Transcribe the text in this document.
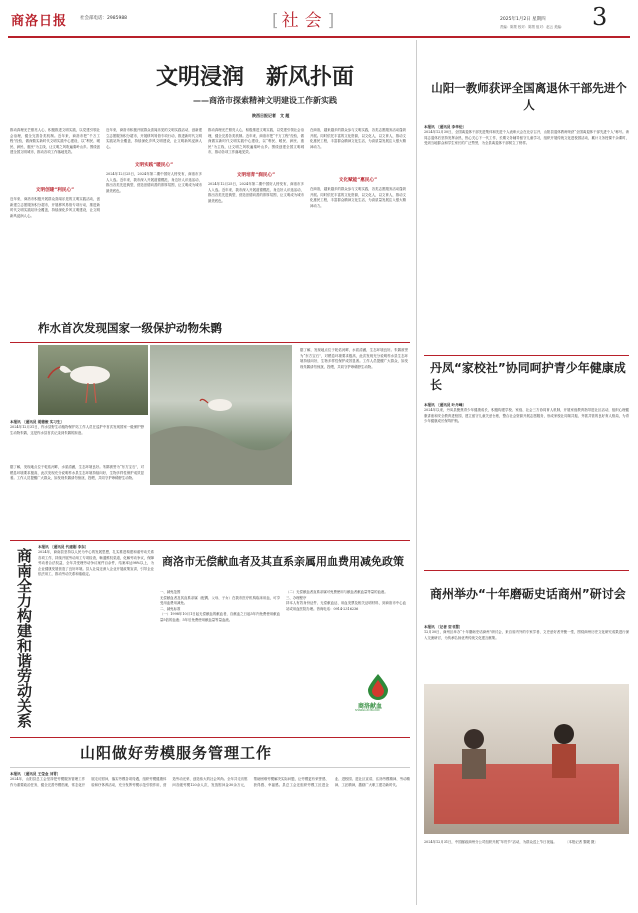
商洛日报	社会部电话：2985988	[社会]	2025年1月2日 星期四
责编：陈景 校对：陈景 组对：赵云 美编： 3
文明浸润　新风扑面
——商洛市探索精神文明建设工作新实践
陕西日报记者　文 超
推动真理光芒照亮人心，积极推进文明实践，以党建引领社会治理，健全完善各类机制。近年来，商洛市把“千万工程”经验，做深做实新时代文明实践中心建设，以“利民、暖民、润民、惠民”为主线，让文明之风吹遍秦岭山乡。围绕创建全国文明城市，推动各项工作落地见效。
文明创建“利民心”
近年来，商洛市积极开展群众喜闻乐见的文明实践活动，创新建立志愿服务积分超市，开展移风易俗专项行动，推进新时代文明实践站所全覆盖，持续深化乡风文明建设，让文明新风浸润人心。
近年来，商洛市积极开展群众喜闻乐见的文明实践活动，创新建立志愿服务积分超市，开展移风易俗专项行动，推进新时代文明实践站所全覆盖，持续深化乡风文明建设，让文明新风浸润人心。
文明实践“暖民心”
2024年12月25日，2024年第二期中国好人榜发布，商洛市多人入选。近年来，我市深入开展道德模范、身边好人评选活动，推出各类先进典型，营造崇德向善的浓厚氛围，让文明成为城市最美底色。
推动真理光芒照亮人心，积极推进文明实践，以党建引领社会治理，健全完善各类机制。近年来，商洛市把“千万工程”经验，做深做实新时代文明实践中心建设，以“利民、暖民、润民、惠民”为主线，让文明之风吹遍秦岭山乡。围绕创建全国文明城市，推动各项工作落地见效。
文明培育“润民心”
2024年12月25日，2024年第二期中国好人榜发布，商洛市多人入选。近年来，我市深入开展道德模范、身边好人评选活动，推出各类先进典型，营造崇德向善的浓厚氛围，让文明成为城市最美底色。
在商洛，越来越多的群众参与文明实践，各类志愿服务活动蓬勃开展。同时依托丰富的文化资源，以文化人，以文育人，推动文化惠民工程，丰富群众精神文化生活，为高质量发展注入强大精神动力。
文化赋能“惠民心”
在商洛，越来越多的群众参与文明实践，各类志愿服务活动蓬勃开展。同时依托丰富的文化资源，以文化人，以文育人，推动文化惠民工程，丰富群众精神文化生活，为高质量发展注入强大精神动力。
柞水首次发现国家一级保护动物朱鹮
本报讯 〔通讯员 胡德俊 实习生〕
2024年12月31日，柞水县野生动植物保护站工作人员在巡护中首次发现国家一级保护野生动物朱鹮，这是柞水县首次记录到朱鹮的踪迹。
据了解，发现地点位于乾佑河畔，水质清澈，生态环境良好。朱鹮被誉为“东方宝石”，对栖息环境要求极高，此次发现充分说明柞水县生态环境持续向好，生物多样性保护成效显著。工作人员提醒广大群众，如发现朱鹮请勿惊扰、投喂，共同守护珍稀野生动物。
据了解，发现地点位于乾佑河畔，水质清澈，生态环境良好。朱鹮被誉为“东方宝石”，对栖息环境要求极高，此次发现充分说明柞水县生态环境持续向好，生物多样性保护成效显著。工作人员提醒广大群众，如发现朱鹮请勿惊扰、投喂，共同守护珍稀野生动物。
商南全力构建和谐劳动关系
本报讯 〔通讯员 代建刚 李东〕
2024年，商南县坚持以人民为中心的发展思想，扎实推进构建和谐劳动关系各项工作，持续开展劳动用工专项检查，畅通维权渠道，化解劳动争议，保障劳动者合法权益，全年共受理劳动争议案件百余件，结案率达98%以上，为企业健康发展营造了良好环境。县人社局还深入企业开展政策宣讲，引导企业依法用工，推动劳动关系和谐稳定。
商洛市无偿献血者及其直系亲属用血费用减免政策
一、减免范围
无偿献血者及其直系亲属（配偶、父母、子女）在我市医疗机构临床用血，可享受用血费用减免。
二、减免标准
（一）1998年10月1日起无偿献血的献血者，自献血之日起5年内免费使用献血量5倍的血液；5年后免费使用献血量等量血液。
（二）无偿献血者直系亲属可免费使用与献血者献血量等量的血液。
三、办理程序
持本人有效身份证件、无偿献血证、用血发票及相关证明材料，到商洛市中心血站或用血医院办理。咨询电话：0914-2316236
商洛献血
SHANGLUO BLOOD
山阳做好劳模服务管理工作
本报讯 〔通讯员 王莹金 刘青〕
2024年，山阳县总工会坚持把劳模服务管理工作作为重要政治任务，健全完善劳模档案，常态化开展走访慰问，落实劳模各项待遇，组织劳模健康体检和疗休养活动，充分发挥劳模示范引领作用，营造劳动光荣、创造伟大的社会风尚。全年共走访慰问各级劳模120余人次，发放慰问金30余万元，帮助困难劳模解决实际问题，让劳模更有荣誉感、获得感、幸福感。县总工会还组织劳模工匠进企业、进校园、进社区宣讲，弘扬劳模精神、劳动精神、工匠精神，激励广大职工建功新时代。
山阳一教师获评全国离退休干部先进个人
本报讯 〔通讯员 李华伦〕
2024年12月30日，全国离退休干部先进集体和先进个人表彰大会在北京召开，山阳县退休教师荣获“全国离退休干部先进个人”称号。该同志退休后坚持发挥余热，热心关心下一代工作，长期义务辅导留守儿童学习，组织开展传统文化进校园活动，累计义务授课千余课时，受到当地群众和学生家长的广泛赞誉，为全县离退休干部树立了榜样。
丹凤“家校社”协同呵护青少年健康成长
本报讯 〔通讯员 叶丹峰〕
2024年以来，丹凤县聚焦青少年健康成长，积极构建学校、家庭、社会三方协同育人机制，开展家庭教育指导进社区活动，组织心理健康讲座和安全教育进校园，建立留守儿童关爱台账，整合社会资源开展志愿服务，形成家校社同频共振、齐抓共管的良好育人格局，为青少年健康成长保驾护航。
商州举办“十年磨砺史话商州”研讨会
本报讯 〔记者 贺书慧〕
12月30日，商州区举办“十年磨砺史话商州”研讨会，来自省内外的专家学者、文史爱好者齐聚一堂，围绕商州历史文化研究成果进行深入交流研讨，为传承弘扬优秀传统文化建言献策。
2024年12月31日，中国邮政商州分公司组织开展“年货节”活动，为群众送上节日祝福。　　　〔本报记者 黎媛 摄〕
